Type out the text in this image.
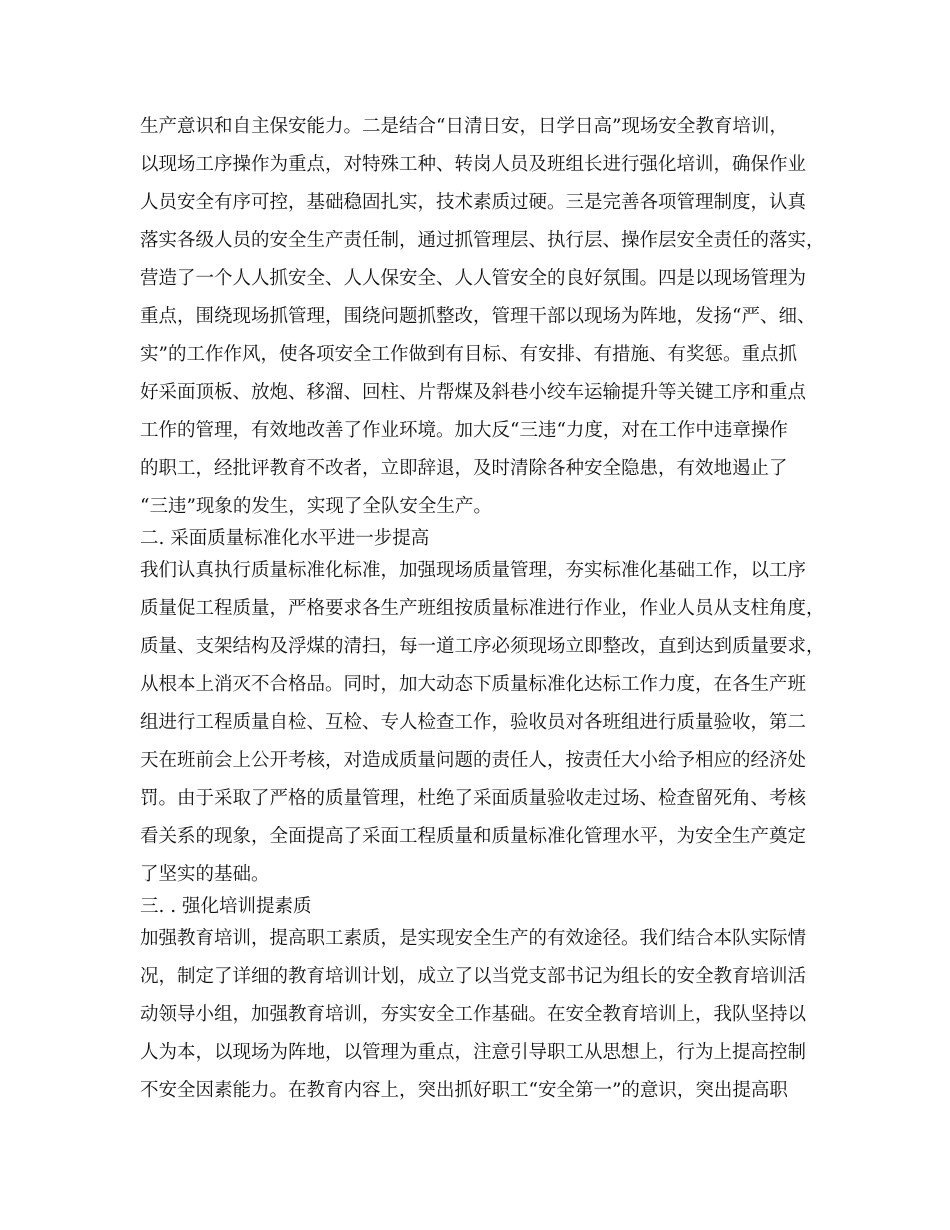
生产意识和自主保安能力。二是结合“日清日安，日学日高”现场安全教育培训，
以现场工序操作为重点，对特殊工种、转岗人员及班组长进行强化培训，确保作业
人员安全有序可控，基础稳固扎实，技术素质过硬。三是完善各项管理制度，认真
落实各级人员的安全生产责任制，通过抓管理层、执行层、操作层安全责任的落实，
营造了一个人人抓安全、人人保安全、人人管安全的良好氛围。四是以现场管理为
重点，围绕现场抓管理，围绕问题抓整改，管理干部以现场为阵地，发扬“严、细、
实”的工作作风，使各项安全工作做到有目标、有安排、有措施、有奖惩。重点抓
好采面顶板、放炮、移溜、回柱、片帮煤及斜巷小绞车运输提升等关键工序和重点
工作的管理，有效地改善了作业环境。加大反“三违“力度，对在工作中违章操作
的职工，经批评教育不改者，立即辞退，及时清除各种安全隐患，有效地遏止了
“三违”现象的发生，实现了全队安全生产。
二. 采面质量标准化水平进一步提高
我们认真执行质量标准化标准，加强现场质量管理，夯实标准化基础工作，以工序
质量促工程质量，严格要求各生产班组按质量标准进行作业，作业人员从支柱角度，
质量、支架结构及浮煤的清扫，每一道工序必须现场立即整改，直到达到质量要求，
从根本上消灭不合格品。同时，加大动态下质量标准化达标工作力度，在各生产班
组进行工程质量自检、互检、专人检查工作，验收员对各班组进行质量验收，第二
天在班前会上公开考核，对造成质量问题的责任人，按责任大小给予相应的经济处
罚。由于采取了严格的质量管理，杜绝了采面质量验收走过场、检查留死角、考核
看关系的现象，全面提高了采面工程质量和质量标准化管理水平，为安全生产奠定
了坚实的基础。
三. . 强化培训提素质
加强教育培训，提高职工素质，是实现安全生产的有效途径。我们结合本队实际情
况，制定了详细的教育培训计划，成立了以当党支部书记为组长的安全教育培训活
动领导小组，加强教育培训，夯实安全工作基础。在安全教育培训上，我队坚持以
人为本，以现场为阵地，以管理为重点，注意引导职工从思想上，行为上提高控制
不安全因素能力。在教育内容上，突出抓好职工“安全第一”的意识，突出提高职
